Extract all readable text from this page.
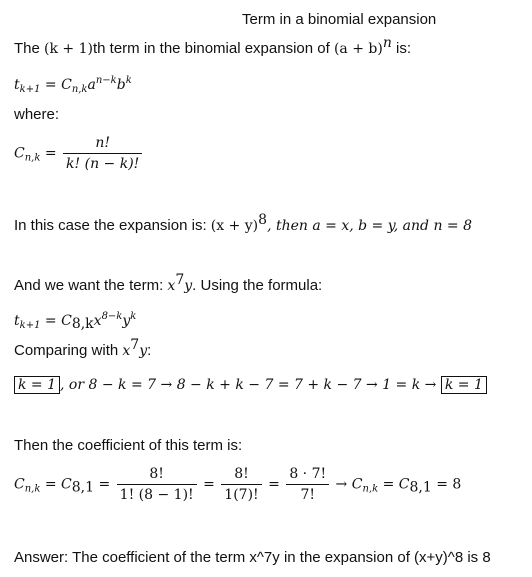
Term in a binomial expansion
The (k + 1)th term in the binomial expansion of $(a + b)^n$ is:
$t_{k+1} = C_{n,k}a^{n-k}b^k$
where:
$C_{n,k} = \frac{n!}{k! (n - k)!}$
In this case the expansion is: $(x + y)^8$, then a = x, b = y, and n = 8
And we want the term: $x^7y$. Using the formula:
$t_{k+1} = C_{8,k}x^{8-k}y^k$
Comparing with $x^7y$:
k = 1 , or 8 − k = 7 → 8 − k + k − 7 = 7 + k − 7 → 1 = k → k = 1
Then the coefficient of this term is:
$C_{n,k} = C_{8,1} = \frac{8!}{1! (8 - 1)!} = \frac{8!}{1(7)!} = \frac{8 \cdot 7!}{7!} \to C_{n,k} = C_{8,1} = 8$
Answer: The coefficient of the term x^7y in the expansion of (x+y)^8 is 8
